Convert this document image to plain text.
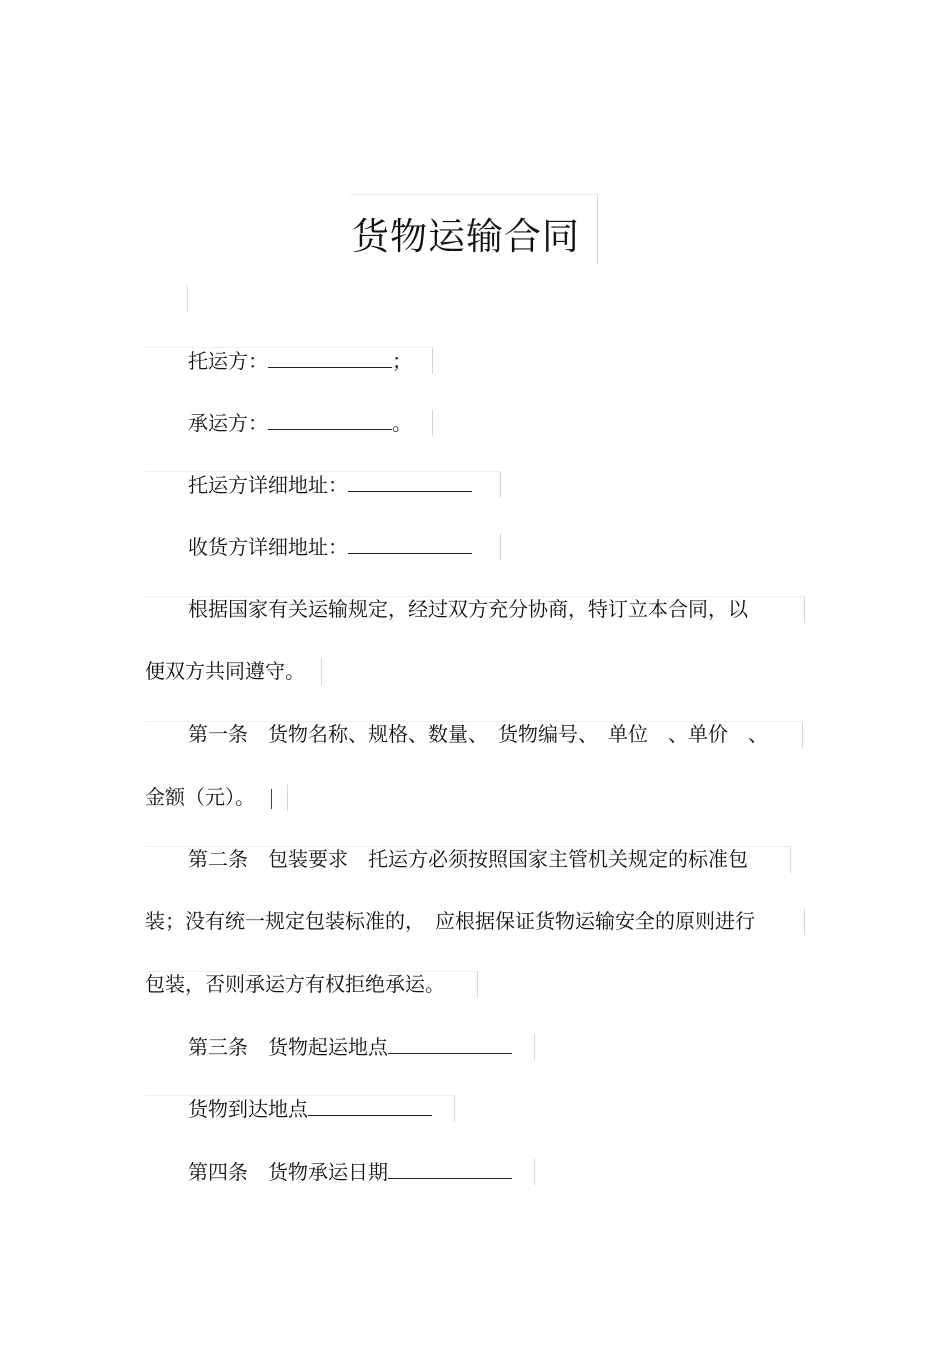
货物运输合同
托运方：	；
承运方：	。
托运方详细地址：
收货方详细地址：
根据国家有关运输规定，经过双方充分协商，特订立本合同，以
便双方共同遵守。
第一条　货物名称、规格、数量、　货物编号、　单位　、单价　、
金额（元）。
第二条　包装要求　托运方必须按照国家主管机关规定的标准包
装；没有统一规定包装标准的，　应根据保证货物运输安全的原则进行
包装，否则承运方有权拒绝承运。
第三条　货物起运地点
货物到达地点
第四条　货物承运日期
